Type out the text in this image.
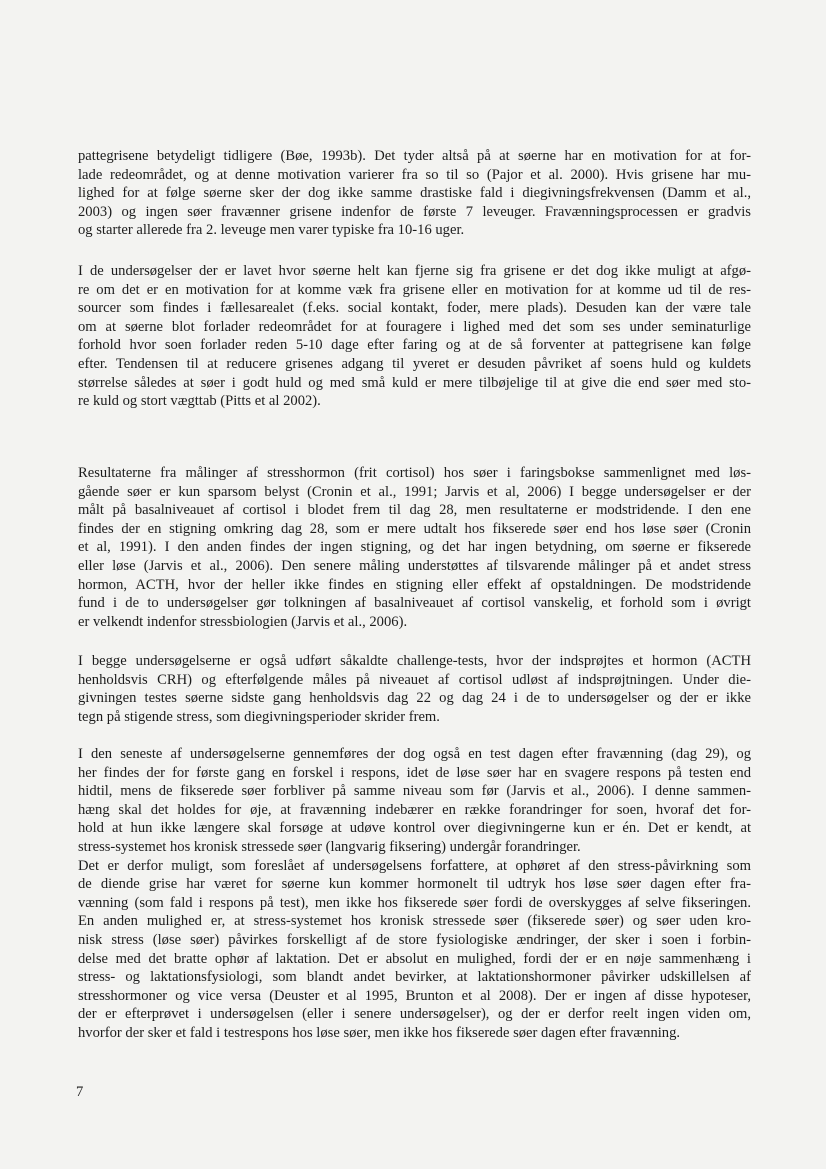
pattegrisene betydeligt tidligere (Bøe, 1993b). Det tyder altså på at søerne har en motivation for at for-
lade redeområdet, og at denne motivation varierer fra so til so (Pajor et al. 2000). Hvis grisene har mu-
lighed for at følge søerne sker der dog ikke samme drastiske fald i diegivningsfrekvensen (Damm et al.,
2003) og ingen søer fravænner grisene indenfor de første 7 leveuger. Fravænningsprocessen er gradvis
og starter allerede fra 2. leveuge men varer typiske fra 10-16 uger.

I de undersøgelser der er lavet hvor søerne helt kan fjerne sig fra grisene er det dog ikke muligt at afgø-
re om det er en motivation for at komme væk fra grisene eller en motivation for at komme ud til de res-
sourcer som findes i fællesarealet (f.eks. social kontakt, foder, mere plads). Desuden kan der være tale
om at søerne blot forlader redeområdet for at fouragere i lighed med det som ses under seminaturlige
forhold hvor soen forlader reden 5-10 dage efter faring og at de så forventer at pattegrisene kan følge
efter. Tendensen til at reducere grisenes adgang til yveret er desuden påvriket af soens huld og kuldets
størrelse således at søer i godt huld og med små kuld er mere tilbøjelige til at give die end søer med sto-
re kuld og stort vægttab (Pitts et al 2002).

Resultaterne fra målinger af stresshormon (frit cortisol) hos søer i faringsbokse sammenlignet med løs-
gående søer er kun sparsom belyst (Cronin et al., 1991; Jarvis et al, 2006) I begge undersøgelser er der
målt på basalniveauet af cortisol i blodet frem til dag 28, men resultaterne er modstridende. I den ene
findes der en stigning omkring dag 28, som er mere udtalt hos fikserede søer end hos løse søer (Cronin
et al, 1991). I den anden findes der ingen stigning, og det har ingen betydning, om søerne er fikserede
eller løse (Jarvis et al., 2006). Den senere måling understøttes af tilsvarende målinger på et andet stress
hormon, ACTH, hvor der heller ikke findes en stigning eller effekt af opstaldningen. De modstridende
fund i de to undersøgelser gør tolkningen af basalniveauet af cortisol vanskelig, et forhold som i øvrigt
er velkendt indenfor stressbiologien (Jarvis et al., 2006).

I begge undersøgelserne er også udført såkaldte challenge-tests, hvor der indsprøjtes et hormon (ACTH
henholdsvis CRH) og efterfølgende måles på niveauet af cortisol udløst af indsprøjtningen. Under die-
givningen testes søerne sidste gang henholdsvis dag 22 og dag 24 i de to undersøgelser og der er ikke
tegn på stigende stress, som diegivningsperioder skrider frem.

I den seneste af undersøgelserne gennemføres der dog også en test dagen efter fravænning (dag 29), og
her findes der for første gang en forskel i respons, idet de løse søer har en svagere respons på testen end
hidtil, mens de fikserede søer forbliver på samme niveau som før (Jarvis et al., 2006). I denne sammen-
hæng skal det holdes for øje, at fravænning indebærer en række forandringer for soen, hvoraf det for-
hold at hun ikke længere skal forsøge at udøve kontrol over diegivningerne kun er én. Det er kendt, at
stress-systemet hos kronisk stressede søer (langvarig fiksering) undergår forandringer.
Det er derfor muligt, som foreslået af undersøgelsens forfattere, at ophøret af den stress-påvirkning som
de diende grise har været for søerne kun kommer hormonelt til udtryk hos løse søer dagen efter fra-
vænning (som fald i respons på test), men ikke hos fikserede søer fordi de overskygges af selve fikseringen.
En anden mulighed er, at stress-systemet hos kronisk stressede søer (fikserede søer) og søer uden kro-
nisk stress (løse søer) påvirkes forskelligt af de store fysiologiske ændringer, der sker i soen i forbin-
delse med det bratte ophør af laktation. Det er absolut en mulighed, fordi der er en nøje sammenhæng i
stress- og laktationsfysiologi, som blandt andet bevirker, at laktationshormoner påvirker udskillelsen af
stresshormoner og vice versa (Deuster et al 1995, Brunton et al 2008). Der er ingen af disse hypoteser,
der er efterprøvet i undersøgelsen (eller i senere undersøgelser), og der er derfor reelt ingen viden om,
hvorfor der sker et fald i testrespons hos løse søer, men ikke hos fikserede søer dagen efter fravænning.

7
